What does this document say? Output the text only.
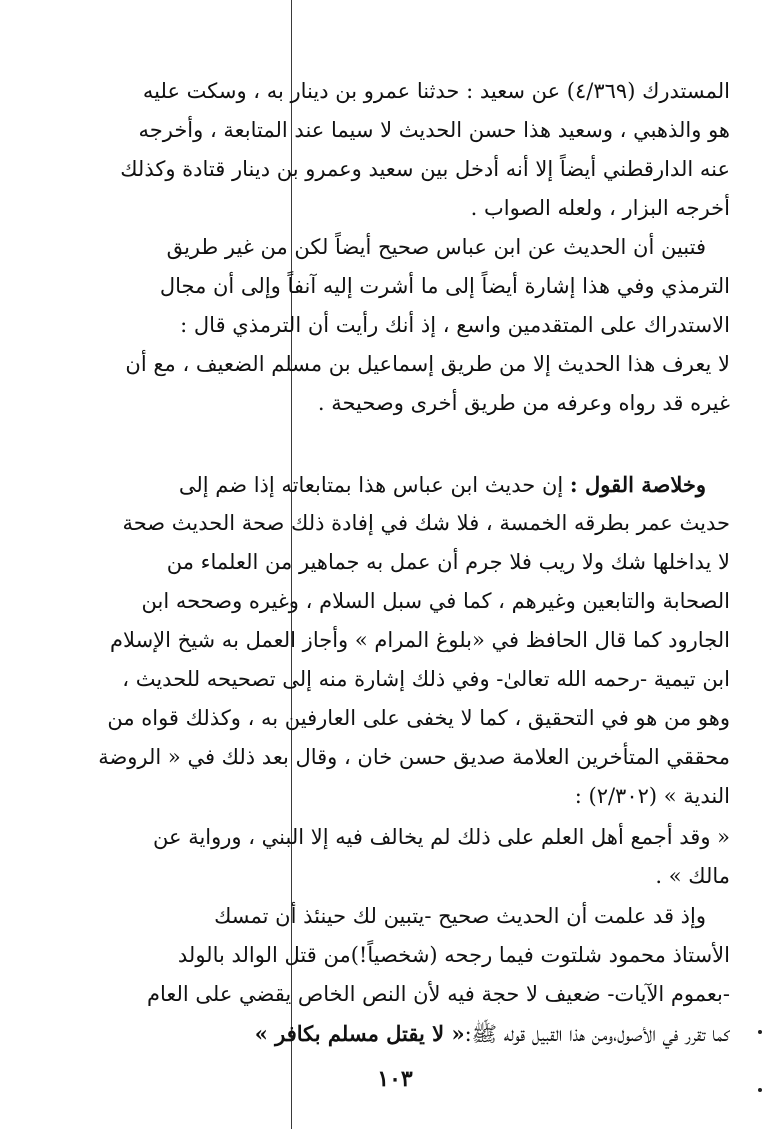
المستدرك (٤/٣٦٩) عن سعيد : حدثنا عمرو بن دينار به ، وسكت عليه
هو والذهبي ، وسعيد هذا حسن الحديث لا سيما عند المتابعة ، وأخرجه
عنه الدارقطني أيضاً إلا أنه أدخل بين سعيد وعمرو بن دينار قتادة وكذلك
أخرجه البزار ، ولعله الصواب .
فتبين أن الحديث عن ابن عباس صحيح أيضاً لكن من غير طريق
الترمذي وفي هذا إشارة أيضاً إلى ما أشرت إليه آنفاً وإلى أن مجال
الاستدراك على المتقدمين واسع ، إذ أنك رأيت أن الترمذي قال :
لا يعرف هذا الحديث إلا من طريق إسماعيل بن مسلم الضعيف ، مع أن
غيره قد رواه وعرفه من طريق أخرى وصحيحة .
وخلاصة القول : إن حديث ابن عباس هذا بمتابعاته إذا ضم إلى
حديث عمر بطرقه الخمسة ، فلا شك في إفادة ذلك صحة الحديث صحة
لا يداخلها شك ولا ريب فلا جرم أن عمل به جماهير من العلماء من
الصحابة والتابعين وغيرهم ، كما في سبل السلام ، وغيره وصححه ابن
الجارود كما قال الحافظ في «بلوغ المرام » وأجاز العمل به شيخ الإسلام
ابن تيمية -رحمه الله تعالىٰ- وفي ذلك إشارة منه إلى تصحيحه للحديث ،
وهو من هو في التحقيق ، كما لا يخفى على العارفين به ، وكذلك قواه من
محققي المتأخرين العلامة صديق حسن خان ، وقال بعد ذلك في « الروضة
الندية » (٢/٣٠٢) :
« وقد أجمع أهل العلم على ذلك لم يخالف فيه إلا البني ، ورواية عن
مالك » .
وإذ قد علمت أن الحديث صحيح -يتبين لك حينئذ أن تمسك
الأستاذ محمود شلتوت فيما رجحه (شخصياً!)من قتل الوالد بالولد
-بعموم الآيات- ضعيف لا حجة فيه لأن النص الخاص يقضي على العام
كما تقرر في الأصول،ومن هذا القبيل قوله ﷺ:« لا يقتل مسلم بكافر »
١٠٣
